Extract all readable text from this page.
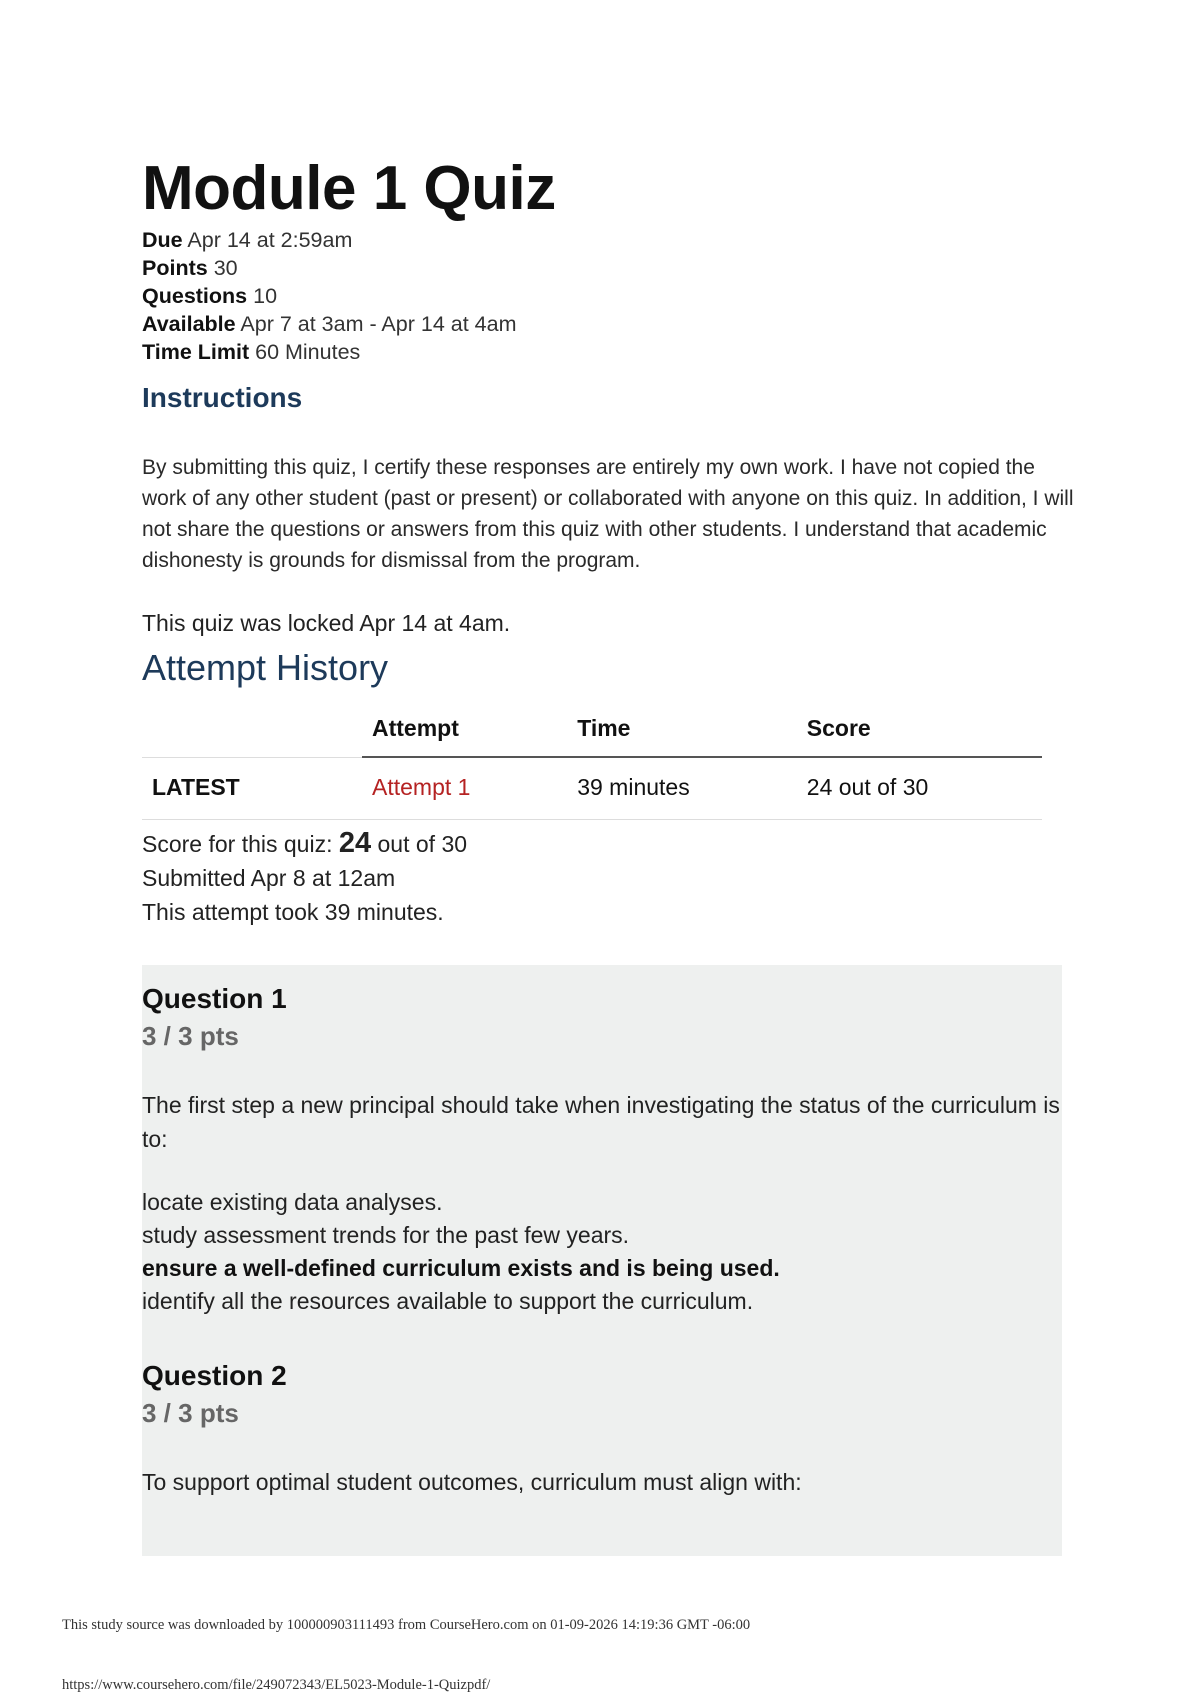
Module 1 Quiz
Due Apr 14 at 2:59am
Points 30
Questions 10
Available Apr 7 at 3am - Apr 14 at 4am
Time Limit 60 Minutes
Instructions
By submitting this quiz, I certify these responses are entirely my own work. I have not copied the work of any other student (past or present) or collaborated with anyone on this quiz. In addition, I will not share the questions or answers from this quiz with other students. I understand that academic dishonesty is grounds for dismissal from the program.
This quiz was locked Apr 14 at 4am.
Attempt History
	Attempt	Time	Score
LATEST	Attempt 1	39 minutes	24 out of 30
Score for this quiz: 24 out of 30
Submitted Apr 8 at 12am
This attempt took 39 minutes.
Question 1
3 / 3 pts
The first step a new principal should take when investigating the status of the curriculum is to:
locate existing data analyses.
study assessment trends for the past few years.
ensure a well-defined curriculum exists and is being used.
identify all the resources available to support the curriculum.
Question 2
3 / 3 pts
To support optimal student outcomes, curriculum must align with:
This study source was downloaded by 100000903111493 from CourseHero.com on 01-09-2026 14:19:36 GMT -06:00
https://www.coursehero.com/file/249072343/EL5023-Module-1-Quizpdf/
